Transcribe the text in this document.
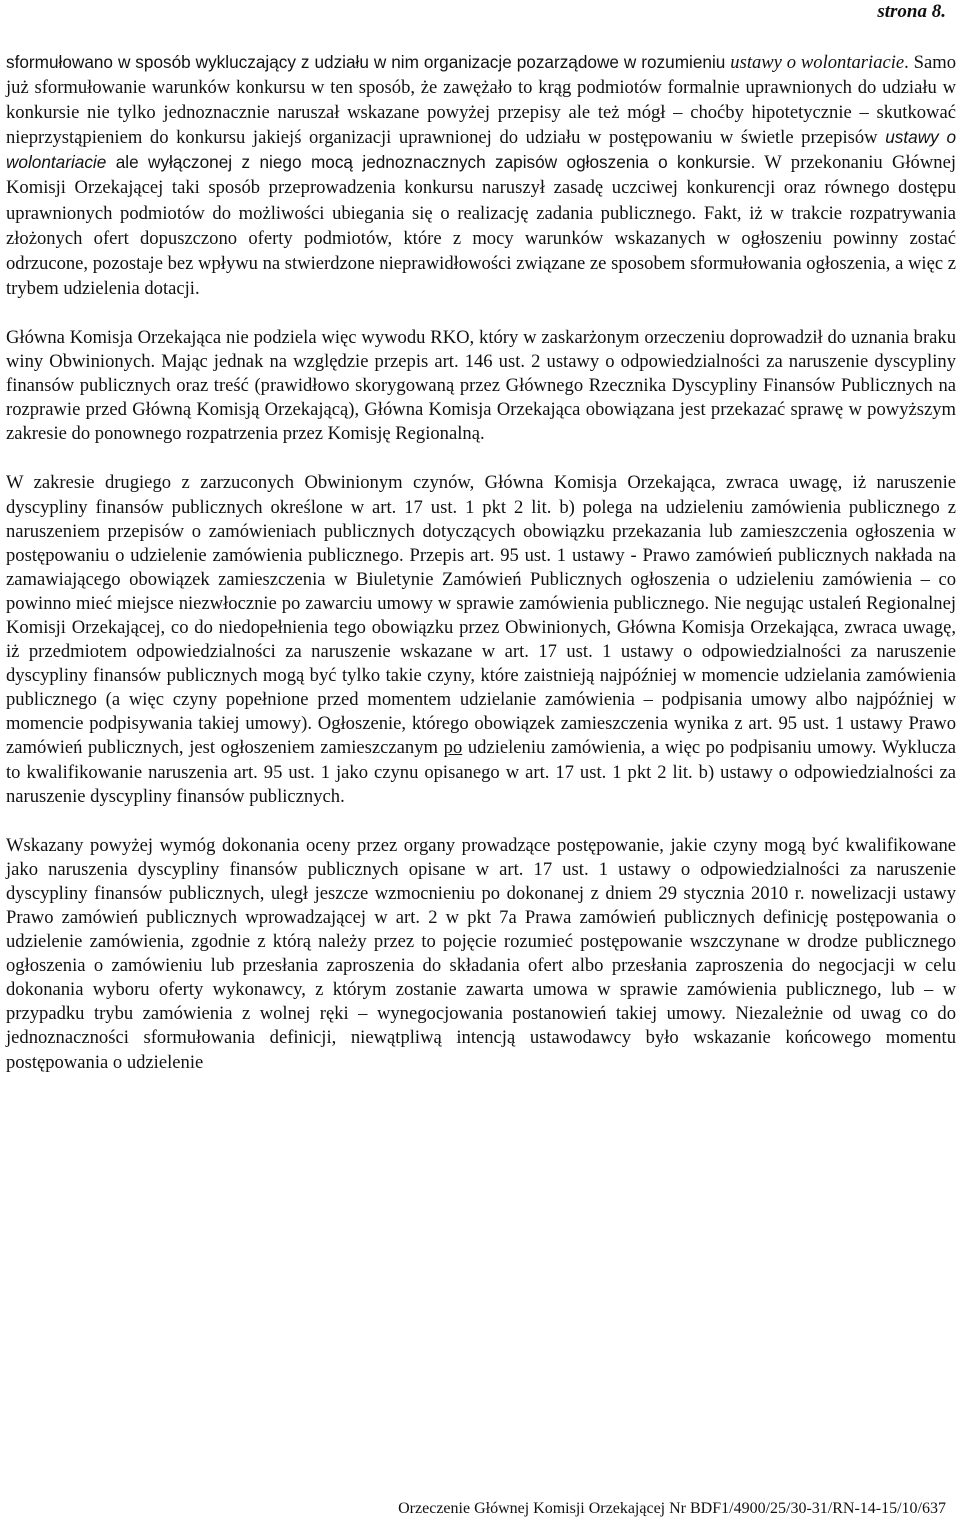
strona 8.

sformułowano w sposób wykluczający z udziału w nim organizacje pozarządowe w rozumieniu ustawy o wolontariacie. Samo już sformułowanie warunków konkursu w ten sposób, że zawężało to krąg podmiotów formalnie uprawnionych do udziału w konkursie nie tylko jednoznacznie naruszał wskazane powyżej przepisy ale też mógł – choćby hipotetycznie – skutkować nieprzystąpieniem do konkursu jakiejś organizacji uprawnionej do udziału w postępowaniu w świetle przepisów ustawy o wolontariacie ale wyłączonej z niego mocą jednoznacznych zapisów ogłoszenia o konkursie. W przekonaniu Głównej Komisji Orzekającej taki sposób przeprowadzenia konkursu naruszył zasadę uczciwej konkurencji oraz równego dostępu uprawnionych podmiotów do możliwości ubiegania się o realizację zadania publicznego. Fakt, iż w trakcie rozpatrywania złożonych ofert dopuszczono oferty podmiotów, które z mocy warunków wskazanych w ogłoszeniu powinny zostać odrzucone, pozostaje bez wpływu na stwierdzone nieprawidłowości związane ze sposobem sformułowania ogłoszenia, a więc z trybem udzielenia dotacji.

Główna Komisja Orzekająca nie podziela więc wywodu RKO, który w zaskarżonym orzeczeniu doprowadził do uznania braku winy Obwinionych. Mając jednak na względzie przepis art. 146 ust. 2 ustawy o odpowiedzialności za naruszenie dyscypliny finansów publicznych oraz treść (prawidłowo skorygowaną przez Głównego Rzecznika Dyscypliny Finansów Publicznych na rozprawie przed Główną Komisją Orzekającą), Główna Komisja Orzekająca obowiązana jest przekazać sprawę w powyższym zakresie do ponownego rozpatrzenia przez Komisję Regionalną.

W zakresie drugiego z zarzuconych Obwinionym czynów, Główna Komisja Orzekająca, zwraca uwagę, iż naruszenie dyscypliny finansów publicznych określone w art. 17 ust. 1 pkt 2 lit. b) polega na udzieleniu zamówienia publicznego z naruszeniem przepisów o zamówieniach publicznych dotyczących obowiązku przekazania lub zamieszczenia ogłoszenia w postępowaniu o udzielenie zamówienia publicznego. Przepis art. 95 ust. 1 ustawy - Prawo zamówień publicznych nakłada na zamawiającego obowiązek zamieszczenia w Biuletynie Zamówień Publicznych ogłoszenia o udzieleniu zamówienia – co powinno mieć miejsce niezwłocznie po zawarciu umowy w sprawie zamówienia publicznego. Nie negując ustaleń Regionalnej Komisji Orzekającej, co do niedopełnienia tego obowiązku przez Obwinionych, Główna Komisja Orzekająca, zwraca uwagę, iż przedmiotem odpowiedzialności za naruszenie wskazane w art. 17 ust. 1 ustawy o odpowiedzialności za naruszenie dyscypliny finansów publicznych mogą być tylko takie czyny, które zaistnieją najpóźniej w momencie udzielania zamówienia publicznego (a więc czyny popełnione przed momentem udzielanie zamówienia – podpisania umowy albo najpóźniej w momencie podpisywania takiej umowy). Ogłoszenie, którego obowiązek zamieszczenia wynika z art. 95 ust. 1 ustawy Prawo zamówień publicznych, jest ogłoszeniem zamieszczanym po udzieleniu zamówienia, a więc po podpisaniu umowy. Wyklucza to kwalifikowanie naruszenia art. 95 ust. 1 jako czynu opisanego w art. 17 ust. 1 pkt 2 lit. b) ustawy o odpowiedzialności za naruszenie dyscypliny finansów publicznych.

Wskazany powyżej wymóg dokonania oceny przez organy prowadzące postępowanie, jakie czyny mogą być kwalifikowane jako naruszenia dyscypliny finansów publicznych opisane w art. 17 ust. 1 ustawy o odpowiedzialności za naruszenie dyscypliny finansów publicznych, uległ jeszcze wzmocnieniu po dokonanej z dniem 29 stycznia 2010 r. nowelizacji ustawy Prawo zamówień publicznych wprowadzającej w art. 2 w pkt 7a Prawa zamówień publicznych definicję postępowania o udzielenie zamówienia, zgodnie z którą należy przez to pojęcie rozumieć postępowanie wszczynane w drodze publicznego ogłoszenia o zamówieniu lub przesłania zaproszenia do składania ofert albo przesłania zaproszenia do negocjacji w celu dokonania wyboru oferty wykonawcy, z którym zostanie zawarta umowa w sprawie zamówienia publicznego, lub – w przypadku trybu zamówienia z wolnej ręki – wynegocjowania postanowień takiej umowy. Niezależnie od uwag co do jednoznaczności sformułowania definicji, niewątpliwą intencją ustawodawcy było wskazanie końcowego momentu postępowania o udzielenie

Orzeczenie Głównej Komisji Orzekającej Nr BDF1/4900/25/30-31/RN-14-15/10/637
